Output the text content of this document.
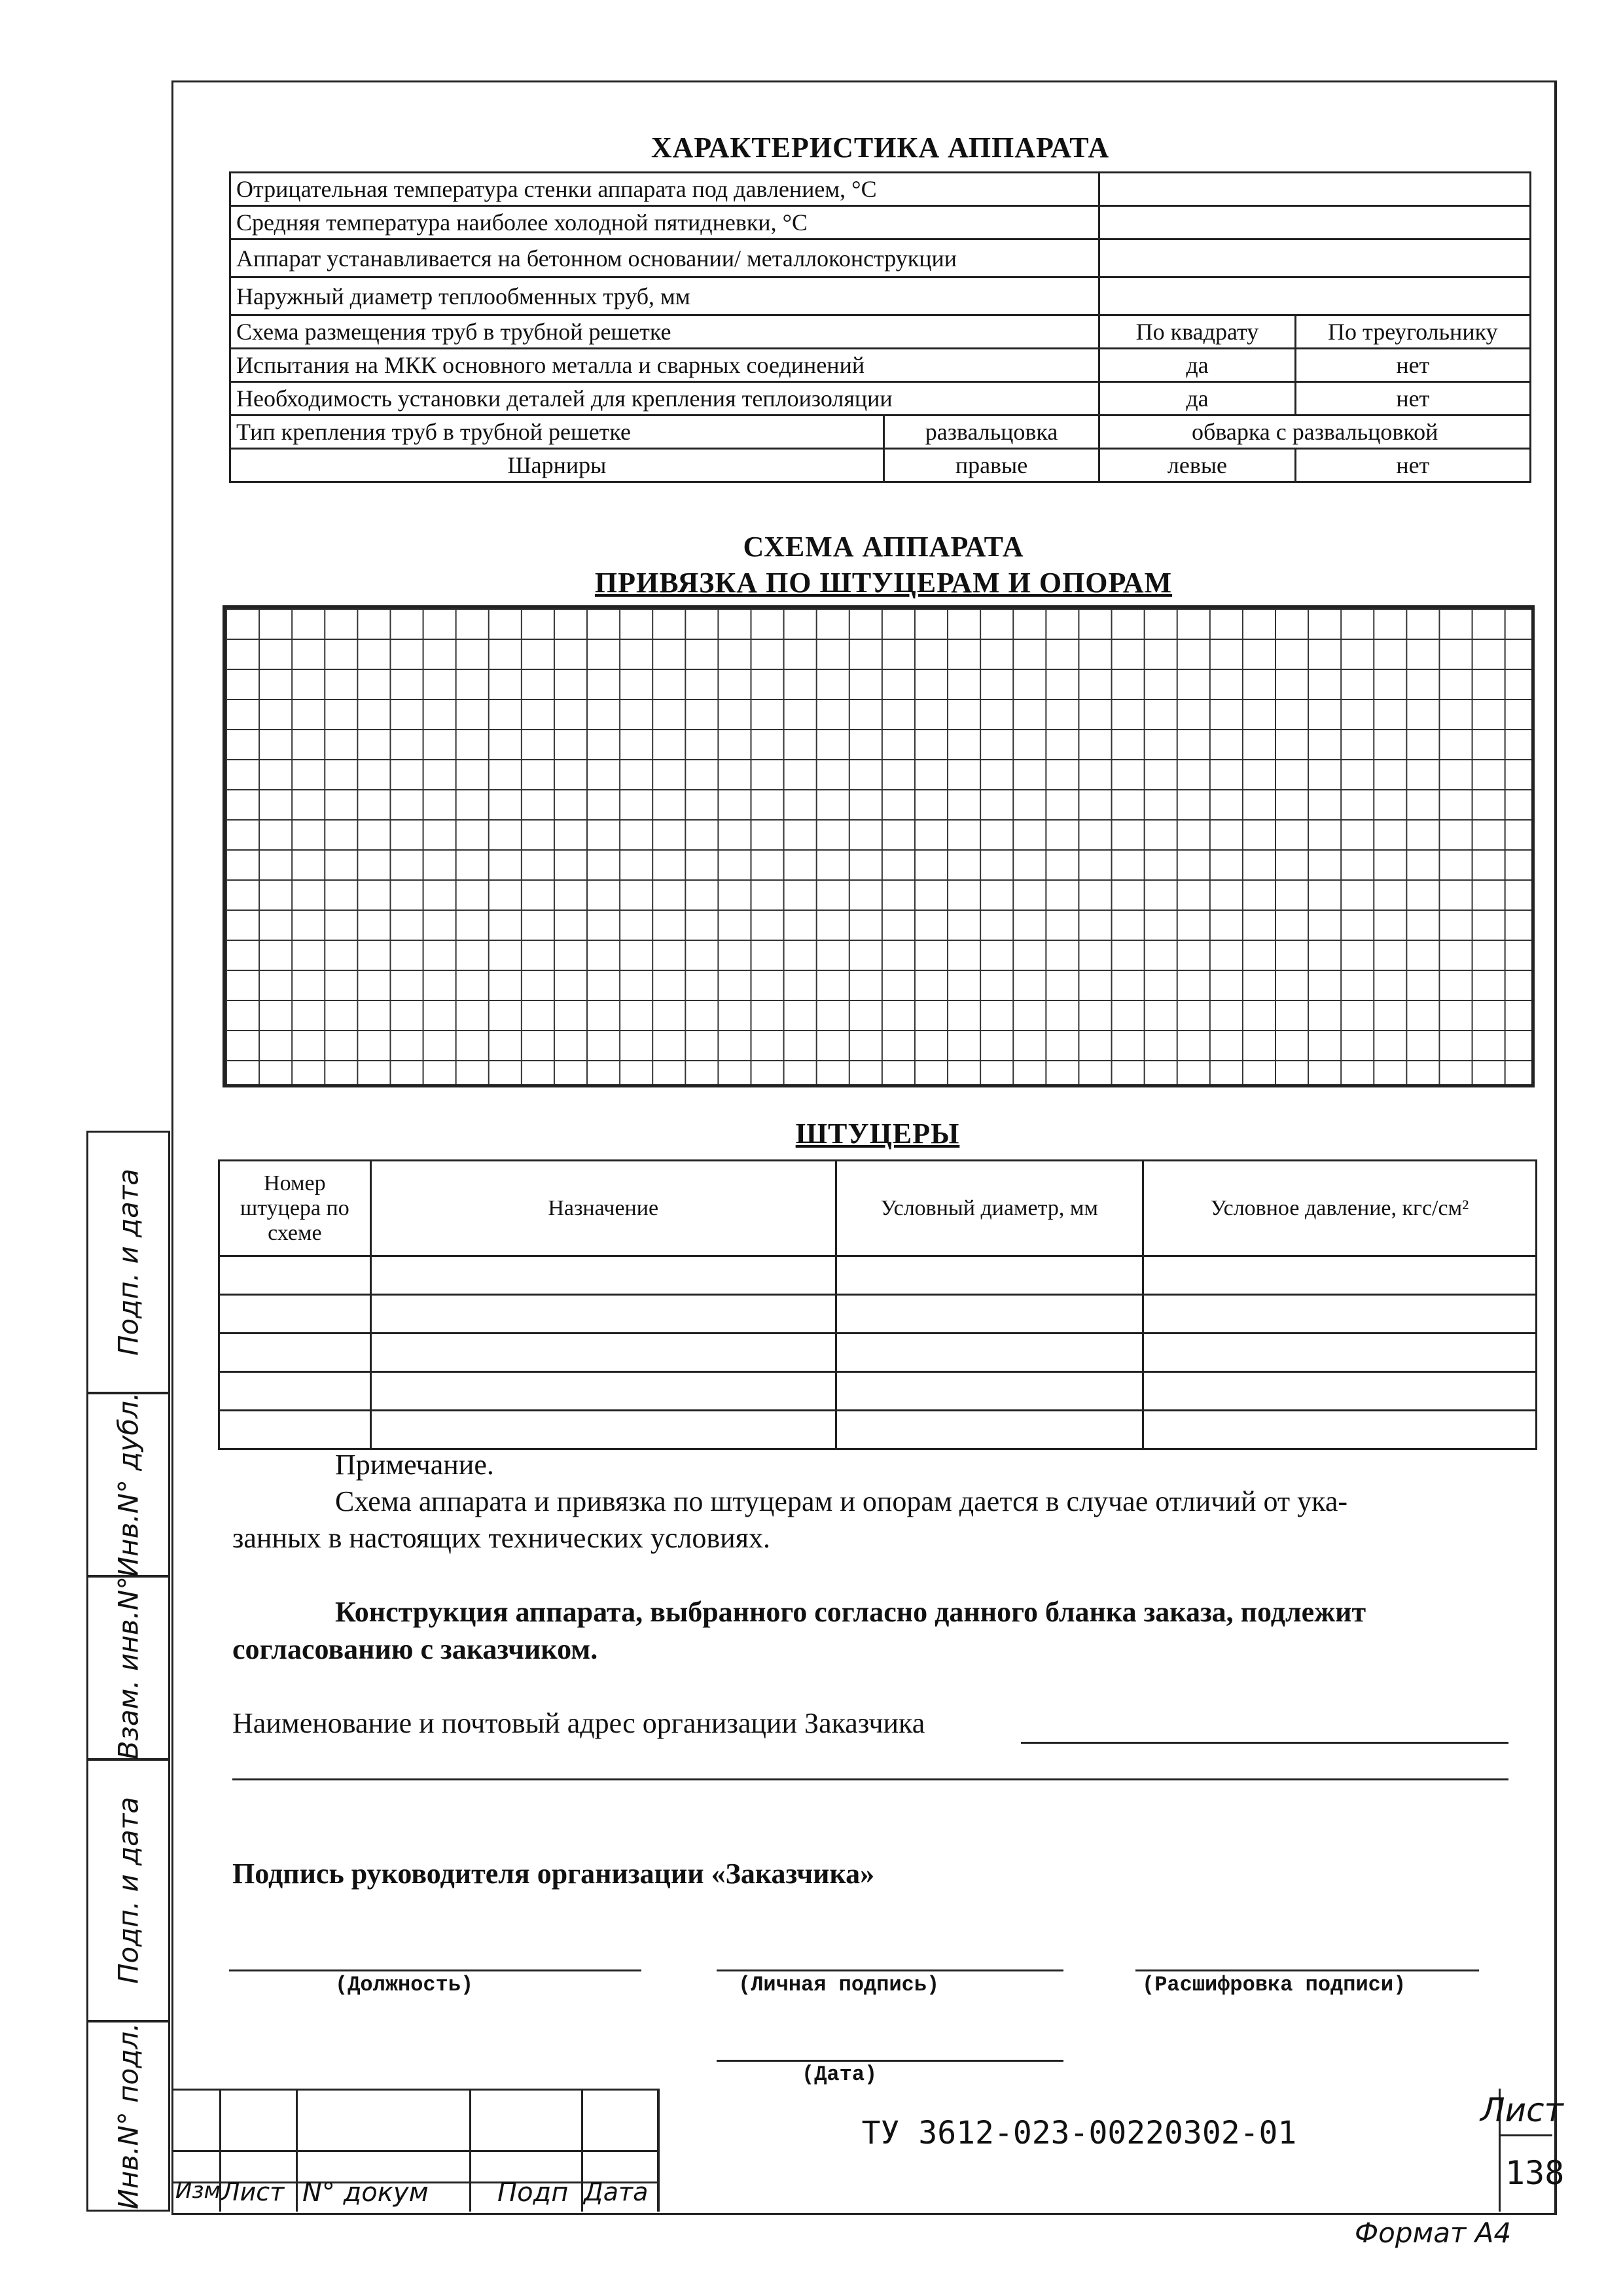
ХАРАКТЕРИСТИКА АППАРАТА
Отрицательная температура стенки аппарата под давлением, °С			
Средняя температура наиболее холодной пятидневки, °С			
Аппарат устанавливается на бетонном основании/ металлоконструкции			
Наружный диаметр теплообменных труб, мм			
Схема размещения труб в трубной решетке		По квадрату	По треугольнику
Испытания на МКК основного металла и сварных соединений		да	нет
Необходимость установки деталей для крепления теплоизоляции		да	нет
Тип крепления труб в трубной решетке	развальцовка	обварка с развальцовкой	
Шарниры	правые	левые	нет
СХЕМА АППАРАТА
ПРИВЯЗКА ПО ШТУЦЕРАМ И ОПОРАМ
ШТУЦЕРЫ
Номер штуцера по схеме	Назначение	Условный диаметр, мм	Условное давление, кгс/см²

Примечание.
Схема аппарата и привязка по штуцерам и опорам дается в случае отличий от ука-
занных в настоящих технических условиях.
Конструкция аппарата, выбранного согласно данного бланка заказа, подлежит
согласованию с заказчиком.
Наименование и почтовый адрес организации Заказчика
Подпись руководителя организации «Заказчика»
(Должность)	(Личная подпись)	(Расшифровка подписи)
(Дата)
Подп. и дата
Инв.N° дубл.
Взам. инв.N°
Подп. и дата
Инв.N° подл. Изм Лист N° докум	Подп Дата
ТУ 3612-023-00220302-01
Лист
138
Формат А4
